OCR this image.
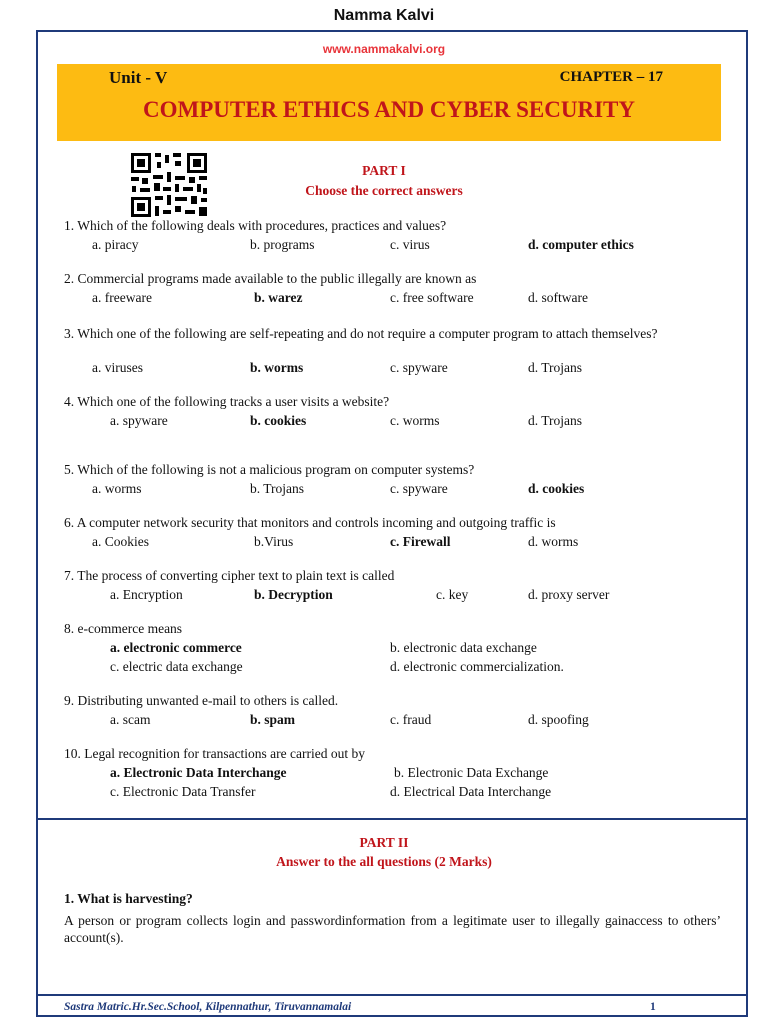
Namma Kalvi
www.nammakalvi.org
Unit - V	CHAPTER – 17
COMPUTER ETHICS AND CYBER SECURITY
PART I
Choose the correct answers
1. Which of the following deals with procedures, practices and values?
a. piracy	b. programs	c. virus	d. computer ethics
2. Commercial programs made available to the public illegally are known as
a. freeware	b. warez	c. free software	d. software
3. Which one of the following are self-repeating and do not require a computer program to attach themselves?
a. viruses	b. worms	c. spyware	d. Trojans
4. Which one of the following tracks a user visits a website?
a. spyware	b. cookies	c. worms	d. Trojans
5. Which of the following is not a malicious program on computer systems?
a. worms	b. Trojans	c. spyware	d. cookies
6. A computer network security that monitors and controls incoming and outgoing traffic is
a. Cookies	b.Virus	c. Firewall	d. worms
7. The process of converting cipher text to plain text is called
a. Encryption	b. Decryption	c. key	d. proxy server
8. e-commerce means
a. electronic commerce	b. electronic data exchange
c. electric data exchange	d. electronic commercialization.
9. Distributing unwanted e-mail to others is called.
a. scam	b. spam	c. fraud	d. spoofing
10. Legal recognition for transactions are carried out by
a. Electronic Data Interchange	b. Electronic Data Exchange
c. Electronic Data Transfer	d. Electrical Data Interchange
PART II
Answer to the all questions (2 Marks)
1. What is harvesting?
A person or program collects login and passwordinformation from a legitimate user to illegally gainaccess to others’ account(s).
Sastra Matric.Hr.Sec.School, Kilpennathur, Tiruvannamalai	1
